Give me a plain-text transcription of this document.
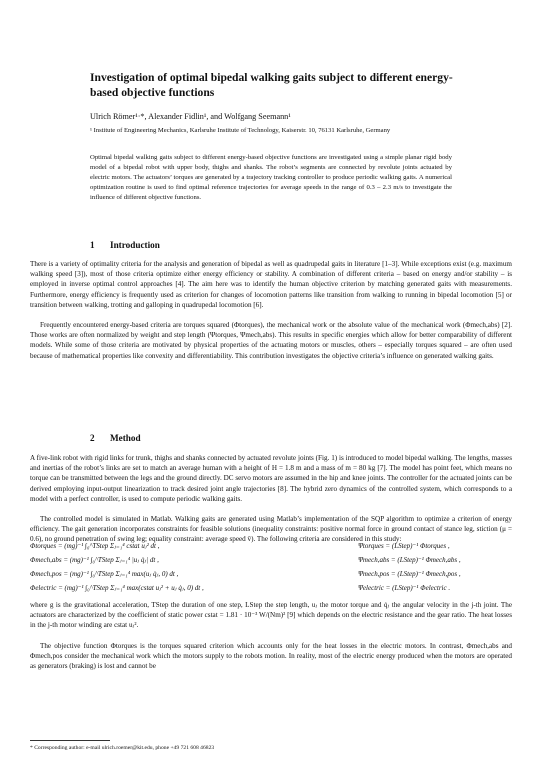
Investigation of optimal bipedal walking gaits subject to different energy-based objective functions
Ulrich Römer¹·*, Alexander Fidlin¹, and Wolfgang Seemann¹
¹ Institute of Engineering Mechanics, Karlsruhe Institute of Technology, Kaiserstr. 10, 76131 Karlsruhe, Germany
Optimal bipedal walking gaits subject to different energy-based objective functions are investigated using a simple planar rigid body model of a bipedal robot with upper body, thighs and shanks. The robot’s segments are connected by revolute joints actuated by electric motors. The actuators’ torques are generated by a trajectory tracking controller to produce periodic walking gaits. A numerical optimization routine is used to find optimal reference trajectories for average speeds in the range of 0.3 – 2.3 m/s to investigate the influence of different objective functions.
1 Introduction
There is a variety of optimality criteria for the analysis and generation of bipedal as well as quadrupedal gaits in literature [1–3]. While exceptions exist (e.g. maximum walking speed [3]), most of those criteria optimize either energy efficiency or stability. A combination of different criteria – based on energy and/or stability – is employed in inverse optimal control approaches [4]. The aim here was to identify the human objective criterion by matching generated gaits with measurements. Furthermore, energy efficiency is frequently used as criterion for changes of locomotion patterns like transition from walking to running in bipedal locomotion [5] or transition between walking, trotting and galloping in quadrupedal locomotion [6].
Frequently encountered energy-based criteria are torques squared (Φtorques), the mechanical work or the absolute value of the mechanical work (Φmech,abs) [2]. Those works are often normalized by weight and step length (Ψtorques, Ψmech,abs). This results in specific energies which allow for better comparability of different models. While some of those criteria are motivated by physical properties of the actuating motors or muscles, others – especially torques squared – are often used because of mathematical properties like convexity and differentiability. This contribution investigates the objective criteria’s influence on generated walking gaits.
2 Method
A five-link robot with rigid links for trunk, thighs and shanks connected by actuated revolute joints (Fig. 1) is introduced to model bipedal walking. The lengths, masses and inertias of the robot’s links are set to match an average human with a height of H = 1.8 m and a mass of m = 80 kg [7]. The model has point feet, which means no torque can be transmitted between the legs and the ground directly. DC servo motors are assumed in the hip and knee joints. The controller for the actuated joints can be derived employing input-output linearization to track desired joint angle trajectories [8]. The hybrid zero dynamics of the controlled system, which corresponds to a model with a perfect controller, is used to compute periodic walking gaits.
The controlled model is simulated in Matlab. Walking gaits are generated using Matlab’s implementation of the SQP algorithm to optimize a criterion of energy efficiency. The gait generation incorporates constraints for feasible solutions (inequality constraints: positive normal force in ground contact of stance leg, stiction (μ = 0.6), no ground penetration of swing leg; equality constraint: average speed v̄). The following criteria are considered in this study:
Φtorques = (mg)⁻¹ ∫₀^TStep Σⱼ₌₁⁴ cstat uⱼ² dt ,
Φmech,abs = (mg)⁻¹ ∫₀^TStep Σⱼ₌₁⁴ |uⱼ q̇ⱼ| dt ,
Φmech,pos = (mg)⁻¹ ∫₀^TStep Σⱼ₌₁⁴ max(uⱼ q̇ⱼ, 0) dt ,
Φelectric = (mg)⁻¹ ∫₀^TStep Σⱼ₌₁⁴ max(cstat uⱼ² + uⱼ q̇ⱼ, 0) dt ,
Ψtorques = (LStep)⁻¹ Φtorques ,
Ψmech,abs = (LStep)⁻¹ Φmech,abs ,
Ψmech,pos = (LStep)⁻¹ Φmech,pos ,
Ψelectric = (LStep)⁻¹ Φelectric .
where g is the gravitational acceleration, TStep the duration of one step, LStep the step length, uⱼ the motor torque and q̇ⱼ the angular velocity in the j-th joint. The actuators are characterized by the coefficient of static power cstat = 1.81 · 10⁻³ W/(Nm)² [9] which depends on the electric resistance and the gear ratio. The heat losses in the j-th motor winding are cstat uⱼ².
The objective function Φtorques is the torques squared criterion which accounts only for the heat losses in the electric motors. In contrast, Φmech,abs and Φmech,pos consider the mechanical work which the motors supply to the robots motion. In reality, most of the electric energy produced when the motors are operated as generators (braking) is lost and cannot be
* Corresponding author: e-mail ulrich.roemer@kit.edu, phone +49 721 608 46823
